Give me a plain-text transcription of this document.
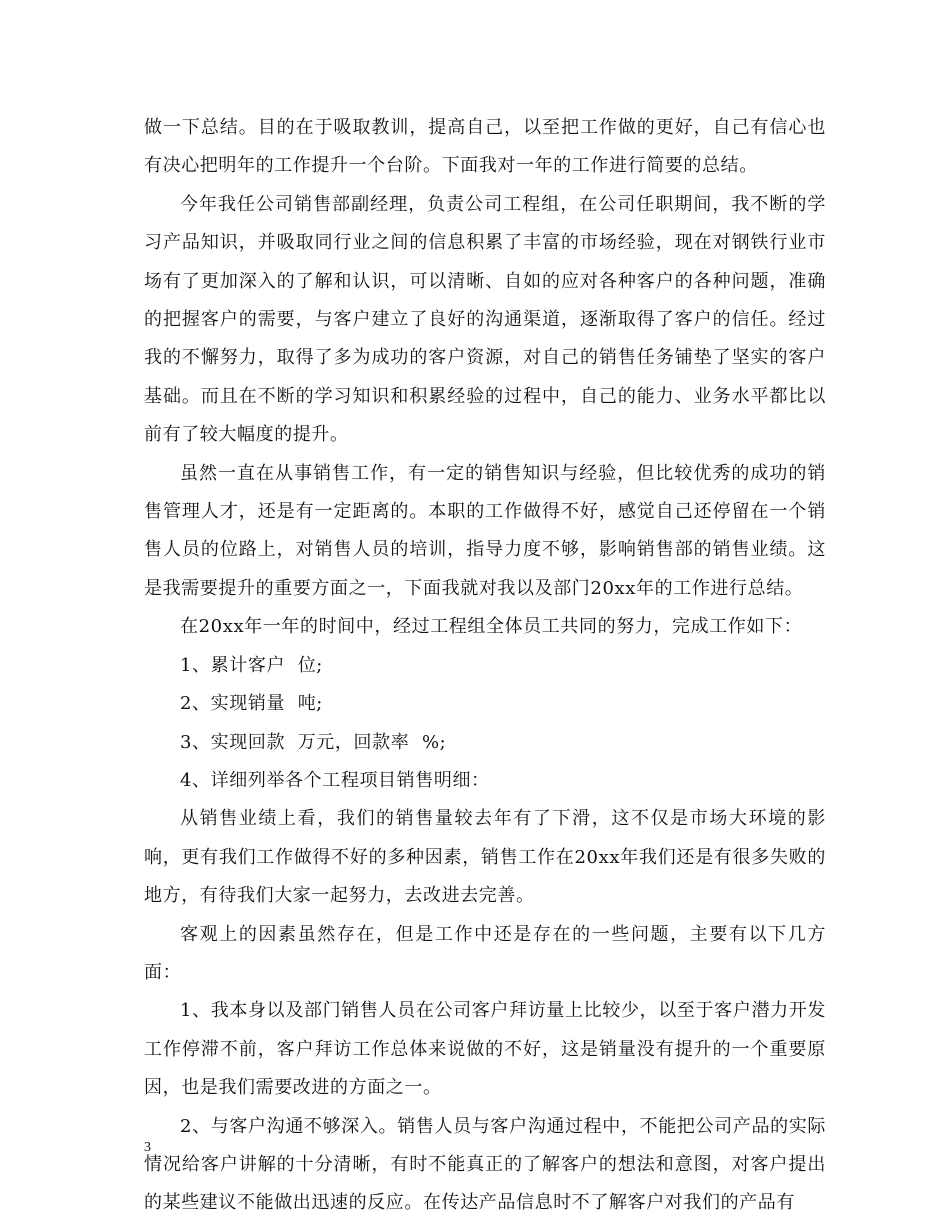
做一下总结。目的在于吸取教训，提高自己，以至把工作做的更好，自己有信心也有决心把明年的工作提升一个台阶。下面我对一年的工作进行简要的总结。

今年我任公司销售部副经理，负责公司工程组，在公司任职期间，我不断的学习产品知识，并吸取同行业之间的信息积累了丰富的市场经验，现在对钢铁行业市场有了更加深入的了解和认识，可以清晰、自如的应对各种客户的各种问题，准确的把握客户的需要，与客户建立了良好的沟通渠道，逐渐取得了客户的信任。经过我的不懈努力，取得了多为成功的客户资源，对自己的销售任务铺垫了坚实的客户基础。而且在不断的学习知识和积累经验的过程中，自己的能力、业务水平都比以前有了较大幅度的提升。

虽然一直在从事销售工作，有一定的销售知识与经验，但比较优秀的成功的销售管理人才，还是有一定距离的。本职的工作做得不好，感觉自己还停留在一个销售人员的位路上，对销售人员的培训，指导力度不够，影响销售部的销售业绩。这是我需要提升的重要方面之一，下面我就对我以及部门20xx年的工作进行总结。

在20xx年一年的时间中，经过工程组全体员工共同的努力，完成工作如下：

1、累计客户  位;

2、实现销量  吨;

3、实现回款  万元，回款率  %;

4、详细列举各个工程项目销售明细：

从销售业绩上看，我们的销售量较去年有了下滑，这不仅是市场大环境的影响，更有我们工作做得不好的多种因素，销售工作在20xx年我们还是有很多失败的地方，有待我们大家一起努力，去改进去完善。

客观上的因素虽然存在，但是工作中还是存在的一些问题，主要有以下几方面：

1、我本身以及部门销售人员在公司客户拜访量上比较少，以至于客户潜力开发工作停滞不前，客户拜访工作总体来说做的不好，这是销量没有提升的一个重要原因，也是我们需要改进的方面之一。

2、与客户沟通不够深入。销售人员与客户沟通过程中，不能把公司产品的实际情况给客户讲解的十分清晰，有时不能真正的了解客户的想法和意图，对客户提出的某些建议不能做出迅速的反应。在传达产品信息时不了解客户对我们的产品有

3
